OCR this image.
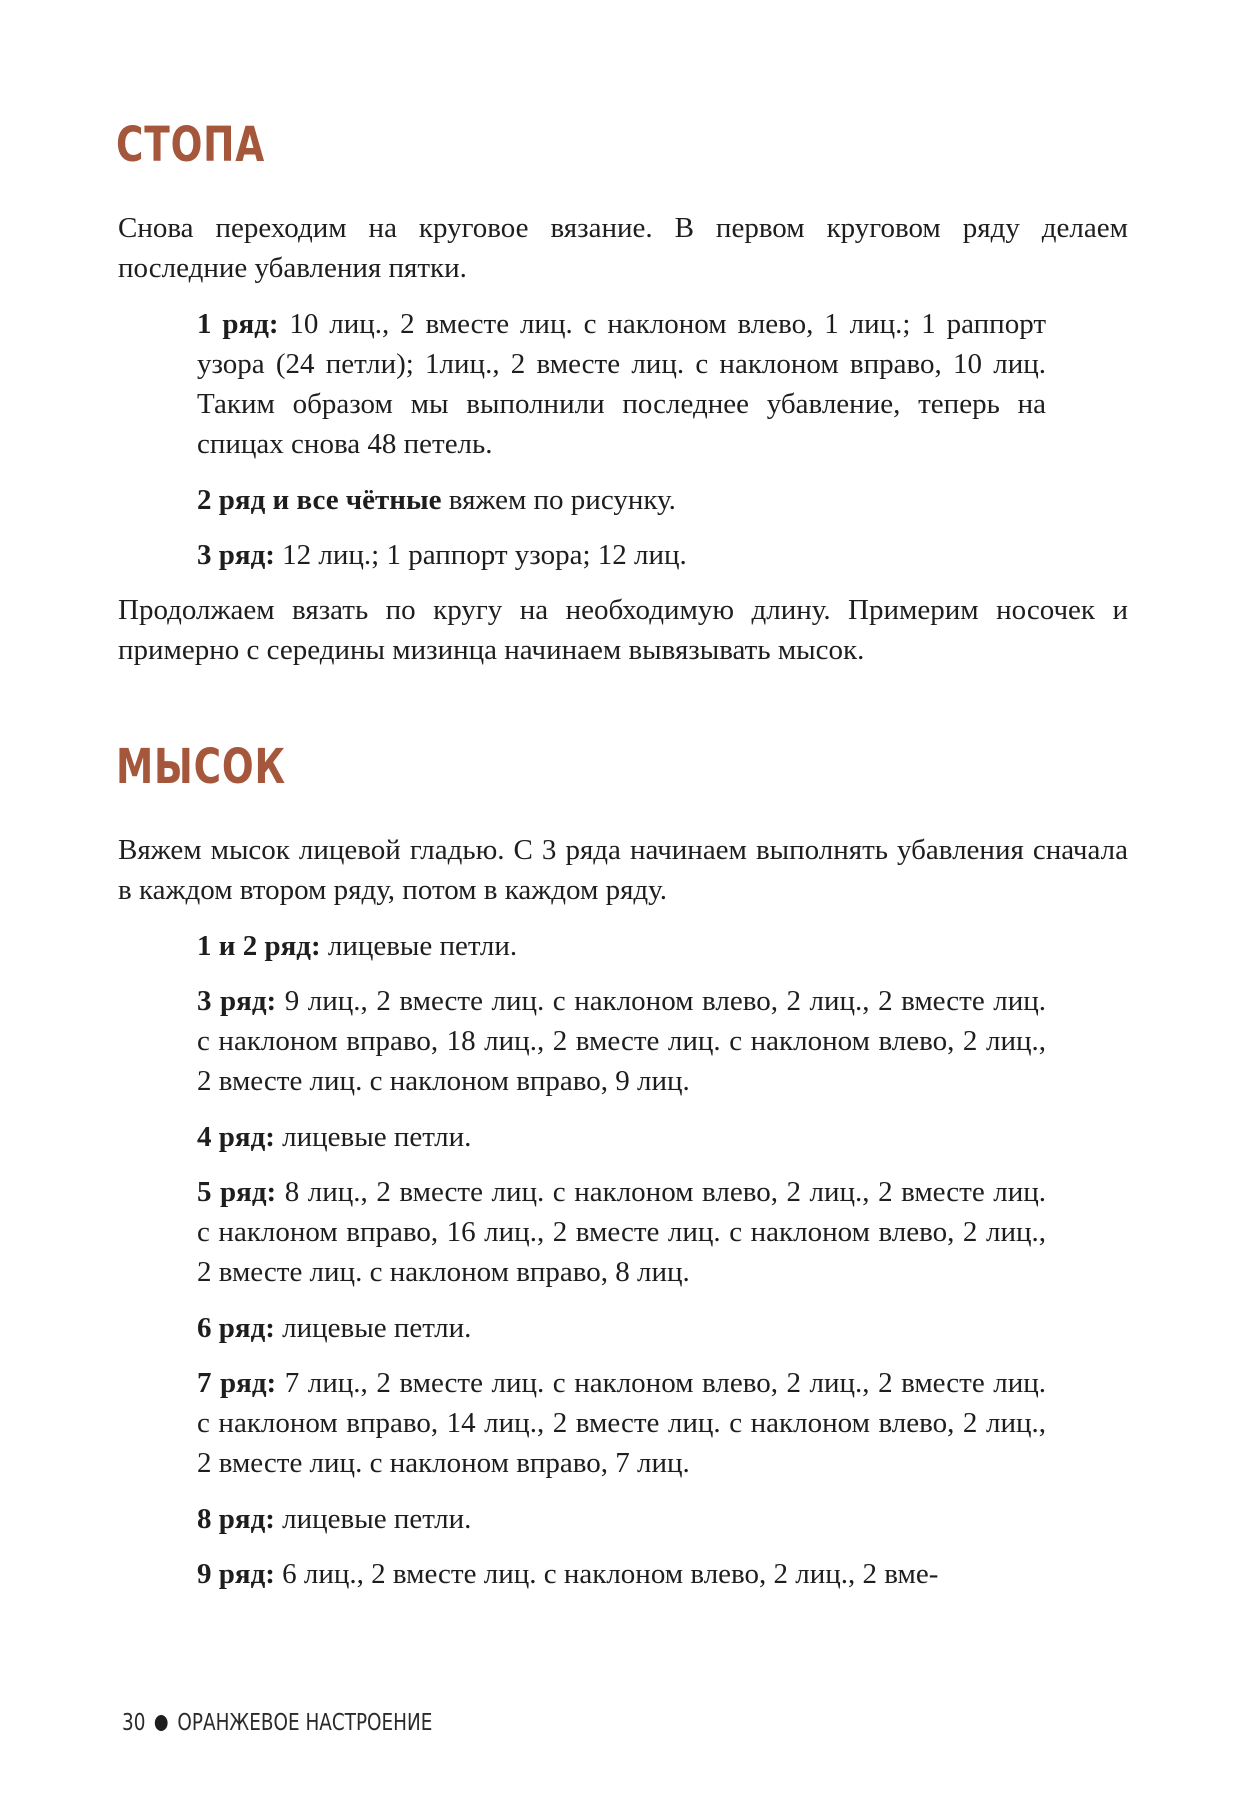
СТОПА

Снова переходим на круговое вязание. В первом круговом ряду делаем последние убавления пятки.

1 ряд: 10 лиц., 2 вместе лиц. с наклоном влево, 1 лиц.; 1 раппорт узора (24 петли); 1лиц., 2 вместе лиц. с наклоном вправо, 10 лиц. Таким образом мы выполнили последнее убавление, теперь на спицах снова 48 петель.

2 ряд и все чётные вяжем по рисунку.

3 ряд: 12 лиц.; 1 раппорт узора; 12 лиц.

Продолжаем вязать по кругу на необходимую длину. Примерим носочек и примерно с середины мизинца начинаем вывязывать мысок.

МЫСОК

Вяжем мысок лицевой гладью. С 3 ряда начинаем выполнять убавления сначала в каждом втором ряду, потом в каждом ряду.

1 и 2 ряд: лицевые петли.

3 ряд: 9 лиц., 2 вместе лиц. с наклоном влево, 2 лиц., 2 вместе лиц. с наклоном вправо, 18 лиц., 2 вместе лиц. с наклоном влево, 2 лиц., 2 вместе лиц. с наклоном вправо, 9 лиц.

4 ряд: лицевые петли.

5 ряд: 8 лиц., 2 вместе лиц. с наклоном влево, 2 лиц., 2 вместе лиц. с наклоном вправо, 16 лиц., 2 вместе лиц. с наклоном влево, 2 лиц., 2 вместе лиц. с наклоном вправо, 8 лиц.

6 ряд: лицевые петли.

7 ряд: 7 лиц., 2 вместе лиц. с наклоном влево, 2 лиц., 2 вместе лиц. с наклоном вправо, 14 лиц., 2 вместе лиц. с наклоном влево, 2 лиц., 2 вместе лиц. с наклоном вправо, 7 лиц.

8 ряд: лицевые петли.

9 ряд: 6 лиц., 2 вместе лиц. с наклоном влево, 2 лиц., 2 вме-

30 ОРАНЖЕВОЕ НАСТРОЕНИЕ
